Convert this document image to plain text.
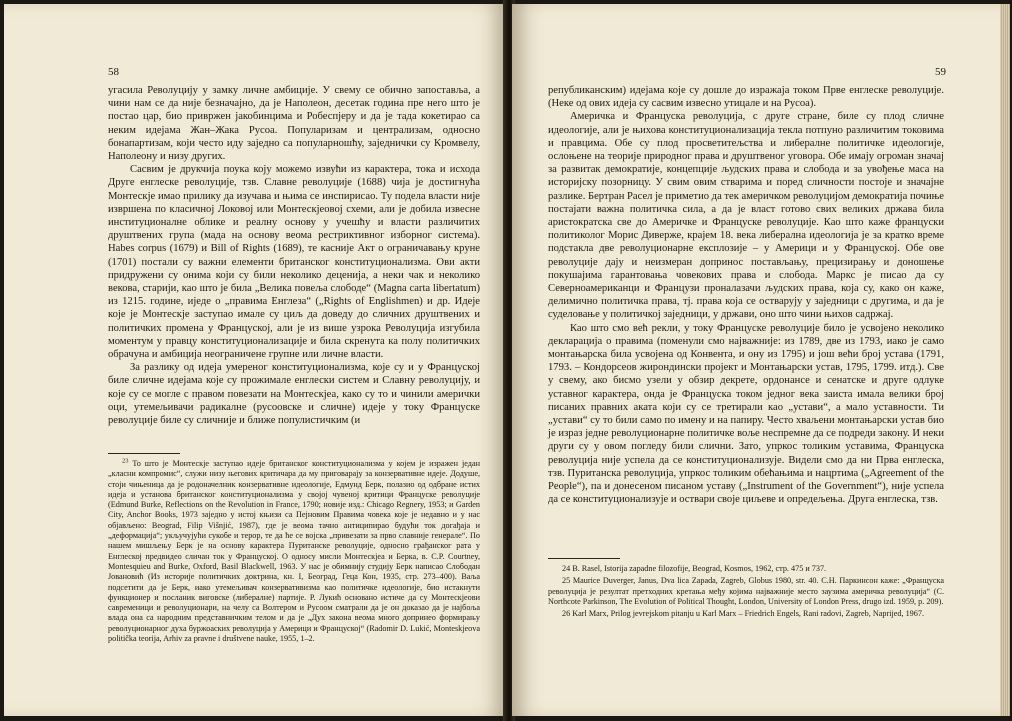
58

угасила Револуцију у замку личне амбиције. У свему се обично запоставља, а чини нам се да није безначајно, да је Наполеон, десетак година пре него што је постао цар, био привржен јакобинцима и Робеспјеру и да је тада кокетирао са неким идејама Жан–Жака Русоа. Популаризам и централизам, односно бонапартизам, који често иду заједно са популарношћу, заједнички су Кромвелу, Наполеону и низу других.

Сасвим је друкчија поука коју можемо извући из карактера, тока и исхода Друге енглеске револуције, тзв. Славне револуције (1688) чија је достигнућа Монтескје имао прилику да изучава и њима се инспирисао. Ту подела власти није извршена по класичној Локовој или Монтескјеовој схеми, али је добила извесне институционалне облике и реалну основу у учешћу и власти различитих друштвених група (мада на основу веома рестриктивног изборног система). Habes corpus (1679) и Bill of Rights (1689), те касније Акт о ограничавању круне (1701) постали су важни елементи британског конституционализма. Ови акти придружени су онима који су били неколико деценија, а неки чак и неколико векова, старији, као што је била „Велика повеља слободе“ (Magna carta libertatum) из 1215. године, иједе о „правима Енглеза“ („Rights of Englishmen) и др. Идеје које је Монтескје заступао имале су циљ да доведу до сличних друштвених и политичких промена у Француској, али је из више узрока Револуција изгубила моментум у правцу конституционализације и била скренута ка полу политичких обрачуна и амбиција неограничене групне или личне власти.

За разлику од идеја умереног конституционализма, које су и у Француској биле сличне идејама које су прожимале енглески систем и Славну револуцију, и које су се могле с правом повезати на Монтескјеа, како су то и чинили амерички оци, утемељивачи радикалне (русоовске и сличне) идеје у току Француске револуције биле су сличније и ближе популистичким (и

$^{23}$ To што је Монтескје заступао идеје британског конституционализма у којем је изражен један „класни компромис“, служи низу његових критичара да му приговарају за конзервативне идеје. Додуше, стоји чињеница да је родоначелник конзервативне идеологије, Едмунд Берк, полазио од одбране истих идеја и установа британског конституционализма у својој чувеној критици Француске револуције (Edmund Burke, Reflections on the Revolution in France, 1790; новије изд.: Chicago Regnery, 1953; и Garden City, Anchor Books, 1973 заједно у истој књизи са Пејновим Правима човека које је недавно и у нас објављено: Beograd, Filip Višnjić, 1987), где је веома тачно антиципирао будући ток догађаја и „деформација“; укључујући сукобе и терор, те да ће се војска „привезати за прво славније генерале“. По нашем мишљењу Берк је на основу карактера Пуританске револуције, односно грађанског рата у Енглеској предвидео сличан ток у Француској. О односу мисли Монтескјеа и Берка, в. C.P. Courtney, Montesquieu and Burke, Oxford, Basil Blackwell, 1963. У нас је обимнију студију Берк написао Слободан Јовановић (Из историје политичких доктрина, кн. I, Београд, Геца Кон, 1935, стр. 273–400). Ваља подсетити да је Берк, иако утемељивач конзервативизма као политичке идеологије, био истакнути функционер и посланик виговске (либералне) партије. Р. Лукић основано истиче да су Монтескјеови савременици и револуционари, на челу са Волтером и Русоом сматрали да је он доказао да је најбоља влада она са народним представничким телом и да је „Дух закона веома много допринео формирању револуционарног духа буржоаских револуција у Америци и Француској“ (Radomir D. Lukić, Monteskjeova politička teorija, Arhiv za pravne i društvene nauke, 1955, 1–2.

59

републиканским) идејама које су дошле до изражаја током Прве енглеске револуције. (Неке од ових идеја су сасвим извесно утицале и на Русоа).

Америчка и Француска револуција, с друге стране, биле су плод сличне идеологије, али је њихова конституционализација текла потпуно различитим токовима и правцима. Обе су плод просветитељства и либералне политичке идеологије, ослоњене на теорије природног права и друштвеног уговора. Обе имају огроман значај за развитак демократије, концепције људских права и слобода и за увођење маса на историјску позорницу. У свим овим стварима и поред сличности постоје и значајне разлике. Бертран Расел је приметио да тек америчком револуцијом демократија почиње постајати важна политичка сила, а да је власт готово свих великих држава била аристократска све до Америчке и Француске револуције. Као што каже француски политиколог Морис Диверже, крајем 18. века либерална идеологија је за кратко време подстакла две револуционарне експлозије – у Америци и у Француској. Обе ове револуције дају и неизмеран допринос постављању, прецизирању и доношење покушајима гарантовања човекових права и слобода. Маркс је писао да су Северноамериканци и Французи проналазачи људских права, која су, како он каже, делимично политичка права, тј. права која се остварују у заједници с другима, и да је суделовање у политичкој заједници, у држави, оно што чини њихов садржај.

Као што смо већ рекли, у току Француске револуције било је усвојено неколико декларација о правима (поменули смо најважније: из 1789, две из 1793, иако је само монтањарска била усвојена од Конвента, и ону из 1795) и још већи број устава (1791, 1793. – Кондорсеов жирондински пројект и Монтањарски устав, 1795, 1799. итд.). Све у свему, ако бисмо узели у обзир декрете, ордонансе и сенатске и друге одлуке уставног карактера, онда је Француска током једног века заиста имала велики број писаних правних аката који су се третирали као „устави“, а мало уставности. Ти „устави“ су то били само по имену и на папиру. Често хваљени монтањарски устав био је израз једне револуционарне политичке воље неспремне да се подреди закону. И неки други су у овом погледу били слични. Зато, упркос толиким уставима, Француска револуција није успела да се конституционализује. Видели смо да ни Прва енглеска, тзв. Пуританска револуција, упркос толиким обећањима и нацртима („Agreement of the People“), па и донесеном писаном уставу („Instrument of the Government“), није успела да се конституционализује и оствари своје циљеве и опредељења. Друга енглеска, тзв.

24 B. Rasel, Istorija zapadne filozofije, Beograd, Kosmos, 1962, стр. 475 и 737.

25 Maurice Duverger, Janus, Dva lica Zapada, Zagreb, Globus 1980, str. 40. C.H. Паркинсон каже: „Француска револуција је резултат претходних кретања међу којима најважније место заузима америчка револуција“ (C. Northcote Parkinson, The Evolution of Political Thought, London, University of London Press, drugo izd. 1959, p. 209).

26 Karl Marx, Prilog jevrejskom pitanju u Karl Marx – Friedrich Engels, Rani radovi, Zagreb, Naprijed, 1967.
